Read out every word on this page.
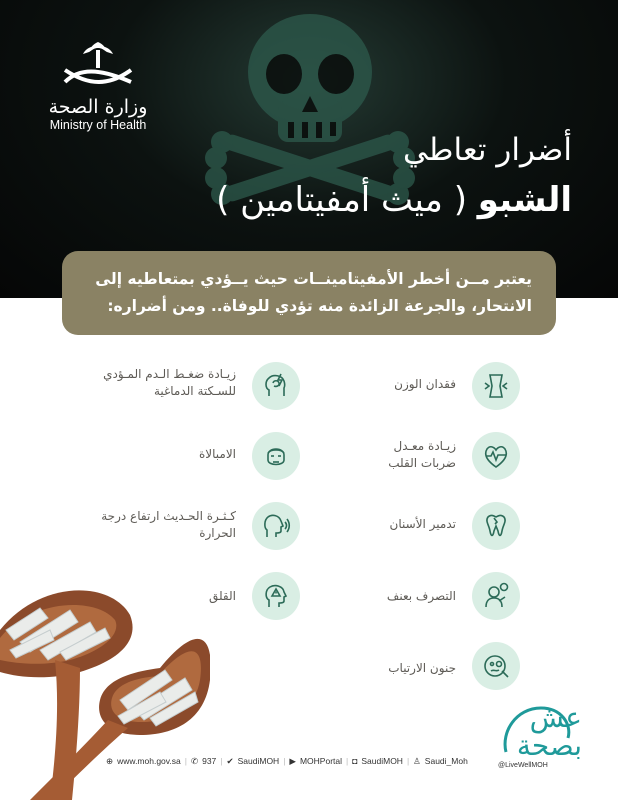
وزارة الصحة
Ministry of Health
أضرار تعاطي
الشبو ( ميث أمفيتامين )
يعتبر مــن أخطر الأمفيتامينــات حيث يــؤدي بمتعاطيه إلى الانتحار، والجرعة الزائدة منه تؤدي للوفاة.. ومن أضراره:
فقدان الوزن
زيـادة معـدل ضربات القلب
تدمير الأسنان
التصرف بعنف
جنون الارتياب
زيـادة ضغـط الـدم المـؤدي للسـكتة الدماغية
الامبالاة
كـثـرة الحـديث ارتفاع درجة الحرارة
القلق
عش بصحة
@LiveWellMOH
⊕ www.moh.gov.sa | ✆ 937 | ✔ SaudiMOH | ▶ MOHPortal | ◘ SaudiMOH | ♙ Saudi_Moh
